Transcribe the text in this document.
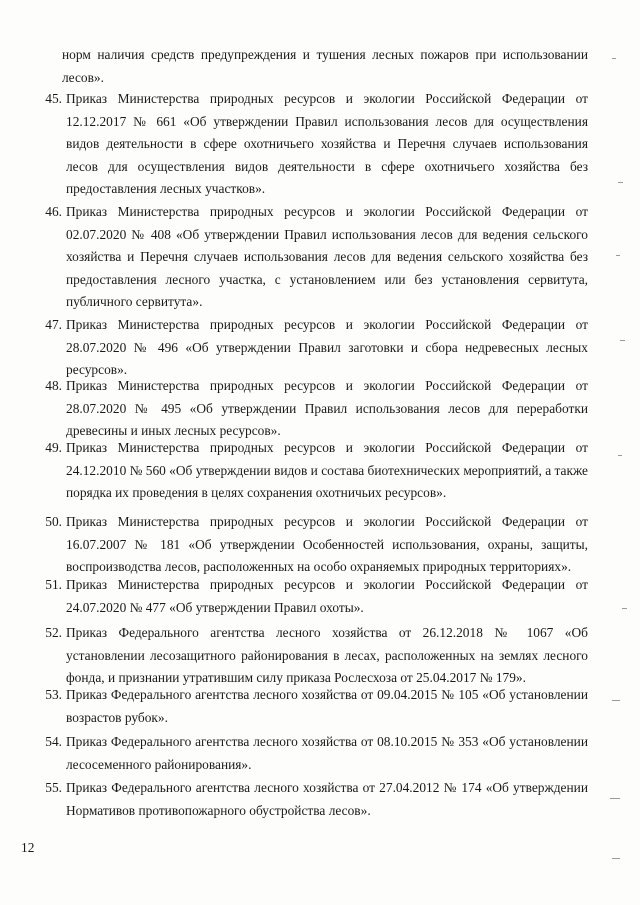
норм наличия средств предупреждения и тушения лесных пожаров при использовании лесов».
45. Приказ Министерства природных ресурсов и экологии Российской Федерации от 12.12.2017 № 661 «Об утверждении Правил использования лесов для осуществления видов деятельности в сфере охотничьего хозяйства и Перечня случаев использования лесов для осуществления видов деятельности в сфере охотничьего хозяйства без предоставления лесных участков».
46. Приказ Министерства природных ресурсов и экологии Российской Федерации от 02.07.2020 № 408 «Об утверждении Правил использования лесов для ведения сельского хозяйства и Перечня случаев использования лесов для ведения сельского хозяйства без предоставления лесного участка, с установлением или без установления сервитута, публичного сервитута».
47. Приказ Министерства природных ресурсов и экологии Российской Федерации от 28.07.2020 № 496 «Об утверждении Правил заготовки и сбора недревесных лесных ресурсов».
48. Приказ Министерства природных ресурсов и экологии Российской Федерации от 28.07.2020 № 495 «Об утверждении Правил использования лесов для переработки древесины и иных лесных ресурсов».
49. Приказ Министерства природных ресурсов и экологии Российской Федерации от 24.12.2010 № 560 «Об утверждении видов и состава биотехнических мероприятий, а также порядка их проведения в целях сохранения охотничьих ресурсов».
50. Приказ Министерства природных ресурсов и экологии Российской Федерации от 16.07.2007 № 181 «Об утверждении Особенностей использования, охраны, защиты, воспроизводства лесов, расположенных на особо охраняемых природных территориях».
51. Приказ Министерства природных ресурсов и экологии Российской Федерации от 24.07.2020 № 477 «Об утверждении Правил охоты».
52. Приказ Федерального агентства лесного хозяйства от 26.12.2018 № 1067 «Об установлении лесозащитного районирования в лесах, расположенных на землях лесного фонда, и признании утратившим силу приказа Рослесхоза от 25.04.2017 № 179».
53. Приказ Федерального агентства лесного хозяйства от 09.04.2015 № 105 «Об установлении возрастов рубок».
54. Приказ Федерального агентства лесного хозяйства от 08.10.2015 № 353 «Об установлении лесосеменного районирования».
55. Приказ Федерального агентства лесного хозяйства от 27.04.2012 № 174 «Об утверждении Нормативов противопожарного обустройства лесов».
12
